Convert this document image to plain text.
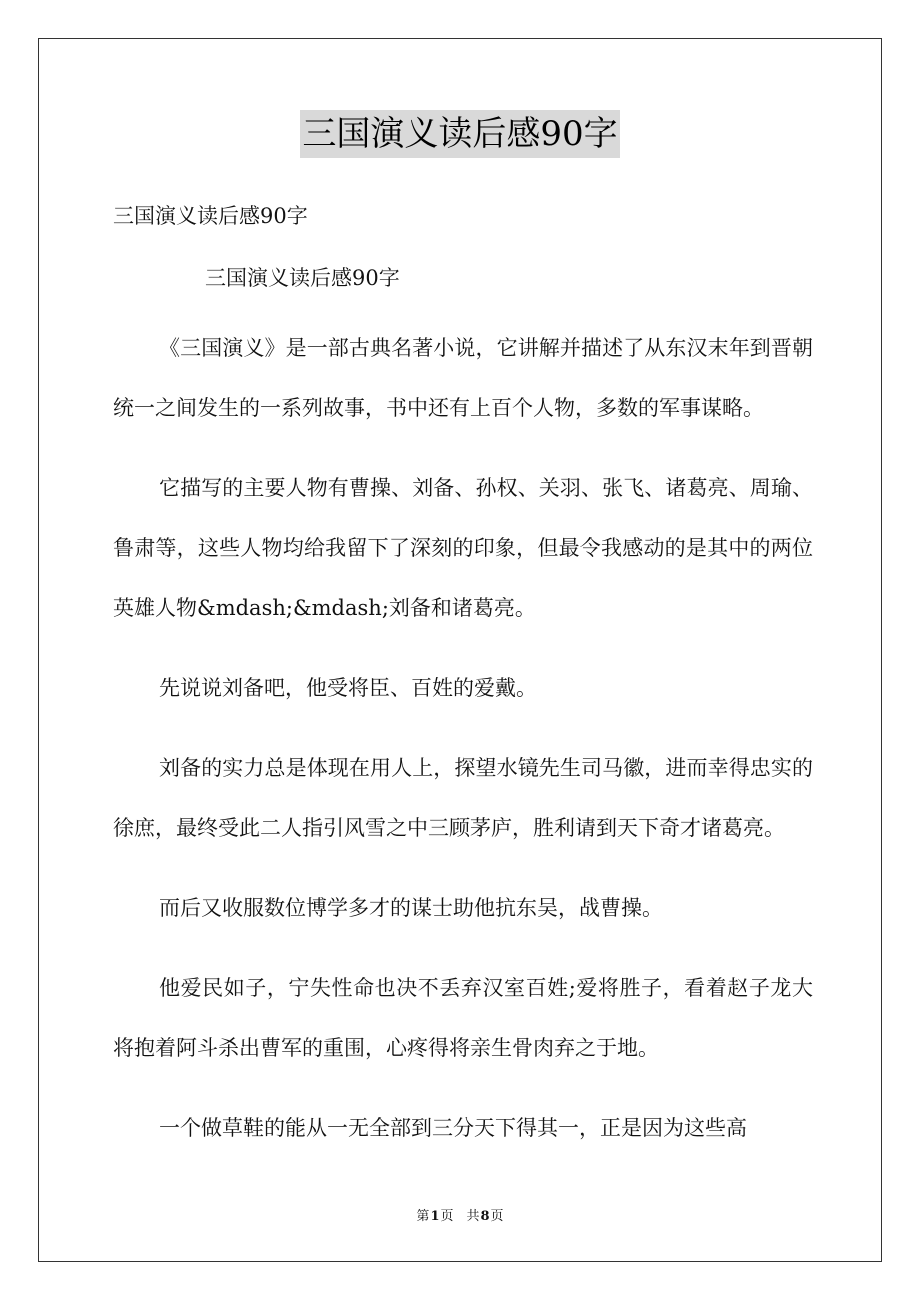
三国演义读后感90字

三国演义读后感90字

三国演义读后感90字

《三国演义》是一部古典名著小说，它讲解并描述了从东汉末年到晋朝统一之间发生的一系列故事，书中还有上百个人物，多数的军事谋略。

它描写的主要人物有曹操、刘备、孙权、关羽、张飞、诸葛亮、周瑜、鲁肃等，这些人物均给我留下了深刻的印象，但最令我感动的是其中的两位英雄人物&mdash;&mdash;刘备和诸葛亮。

先说说刘备吧，他受将臣、百姓的爱戴。

刘备的实力总是体现在用人上，探望水镜先生司马徽，进而幸得忠实的徐庶，最终受此二人指引风雪之中三顾茅庐，胜利请到天下奇才诸葛亮。

而后又收服数位博学多才的谋士助他抗东吴，战曹操。

他爱民如子，宁失性命也决不丢弃汉室百姓;爱将胜子，看着赵子龙大将抱着阿斗杀出曹军的重围，心疼得将亲生骨肉弃之于地。

一个做草鞋的能从一无全部到三分天下得其一，正是因为这些高

第1页　共8页
